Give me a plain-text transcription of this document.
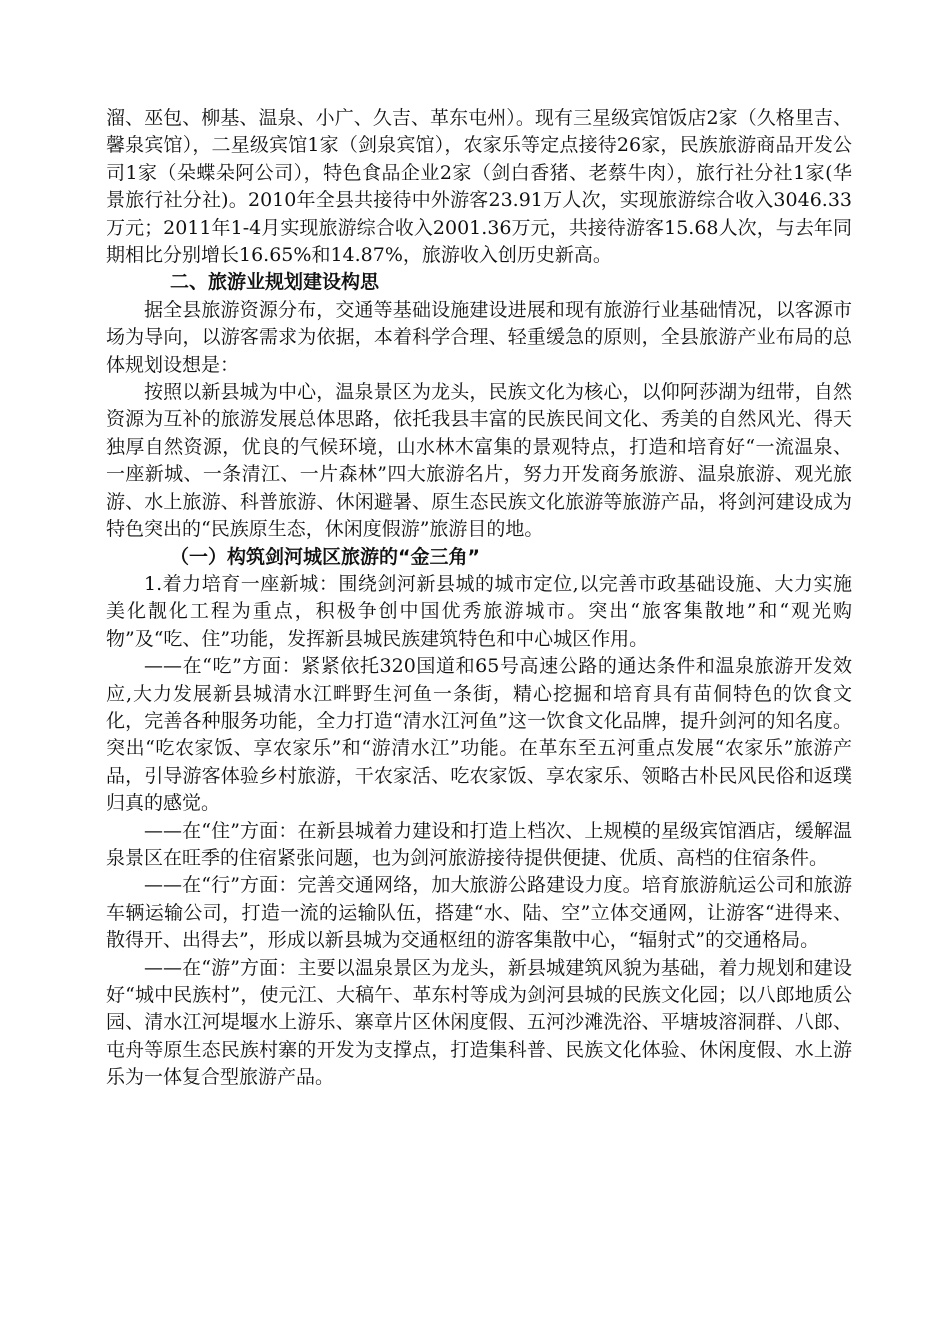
溜、巫包、柳基、温泉、小广、久吉、革东屯州）。现有三星级宾馆饭店2家（久格里吉、馨泉宾馆），二星级宾馆1家（剑泉宾馆），农家乐等定点接待26家，民族旅游商品开发公司1家（朵蝶朵阿公司），特色食品企业2家（剑白香猪、老蔡牛肉），旅行社分社1家(华景旅行社分社)。2010年全县共接待中外游客23.91万人次，实现旅游综合收入3046.33万元；2011年1-4月实现旅游综合收入2001.36万元，共接待游客15.68人次，与去年同期相比分别增长16.65%和14.87%，旅游收入创历史新高。

二、旅游业规划建设构思

据全县旅游资源分布，交通等基础设施建设进展和现有旅游行业基础情况，以客源市场为导向，以游客需求为依据，本着科学合理、轻重缓急的原则，全县旅游产业布局的总体规划设想是：

按照以新县城为中心，温泉景区为龙头，民族文化为核心，以仰阿莎湖为纽带，自然资源为互补的旅游发展总体思路，依托我县丰富的民族民间文化、秀美的自然风光、得天独厚自然资源，优良的气候环境，山水林木富集的景观特点，打造和培育好“一流温泉、一座新城、一条清江、一片森林”四大旅游名片，努力开发商务旅游、温泉旅游、观光旅游、水上旅游、科普旅游、休闲避暑、原生态民族文化旅游等旅游产品，将剑河建设成为特色突出的“民族原生态，休闲度假游”旅游目的地。

（一）构筑剑河城区旅游的“金三角”

1.着力培育一座新城：围绕剑河新县城的城市定位,以完善市政基础设施、大力实施美化靓化工程为重点，积极争创中国优秀旅游城市。突出“旅客集散地”和“观光购物”及“吃、住”功能，发挥新县城民族建筑特色和中心城区作用。

——在“吃”方面：紧紧依托320国道和65号高速公路的通达条件和温泉旅游开发效应,大力发展新县城清水江畔野生河鱼一条街，精心挖掘和培育具有苗侗特色的饮食文化，完善各种服务功能，全力打造“清水江河鱼”这一饮食文化品牌，提升剑河的知名度。突出“吃农家饭、享农家乐”和“游清水江”功能。在革东至五河重点发展“农家乐”旅游产品，引导游客体验乡村旅游，干农家活、吃农家饭、享农家乐、领略古朴民风民俗和返璞归真的感觉。

——在“住”方面：在新县城着力建设和打造上档次、上规模的星级宾馆酒店，缓解温泉景区在旺季的住宿紧张问题，也为剑河旅游接待提供便捷、优质、高档的住宿条件。

——在“行”方面：完善交通网络，加大旅游公路建设力度。培育旅游航运公司和旅游车辆运输公司，打造一流的运输队伍，搭建“水、陆、空”立体交通网，让游客“进得来、散得开、出得去”，形成以新县城为交通枢纽的游客集散中心，“辐射式”的交通格局。

——在“游”方面：主要以温泉景区为龙头，新县城建筑风貌为基础，着力规划和建设好“城中民族村”，使元江、大稿午、革东村等成为剑河县城的民族文化园；以八郎地质公园、清水江河堤堰水上游乐、寨章片区休闲度假、五河沙滩洗浴、平塘坡溶洞群、八郎、屯舟等原生态民族村寨的开发为支撑点，打造集科普、民族文化体验、休闲度假、水上游乐为一体复合型旅游产品。
